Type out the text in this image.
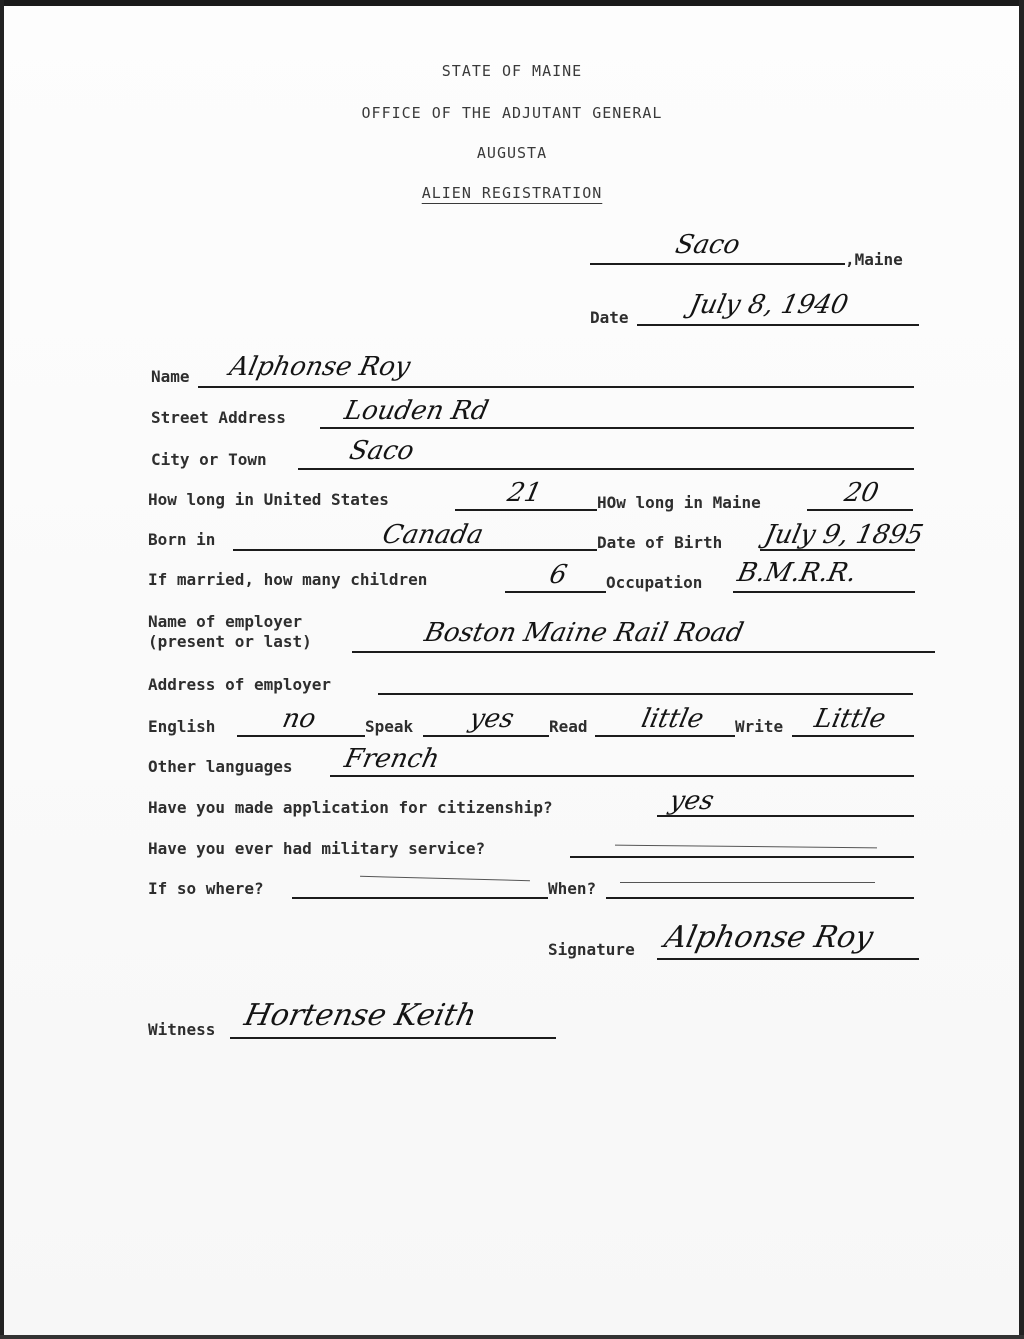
STATE OF MAINE
OFFICE OF THE ADJUTANT GENERAL
AUGUSTA
ALIEN REGISTRATION
Saco	,Maine
Date July 8, 1940
Name Alphonse Roy
Street Address Louden Rd
City or Town	Saco
How long in United States	21	HOw long in Maine	20
Born in	Canada	Date of Birth July 9, 1895
If married, how many children	6 Occupation B.M.R.R.
Name of employer
(present or last)	Boston Maine Rail Road
Address of employer
English no	Speak yes Read little Write Little
Other languages French
Have you made application for citizenship?	yes
Have you ever had military service?
If so where?	When?
Signature Alphonse Roy
Witness Hortense Keith
